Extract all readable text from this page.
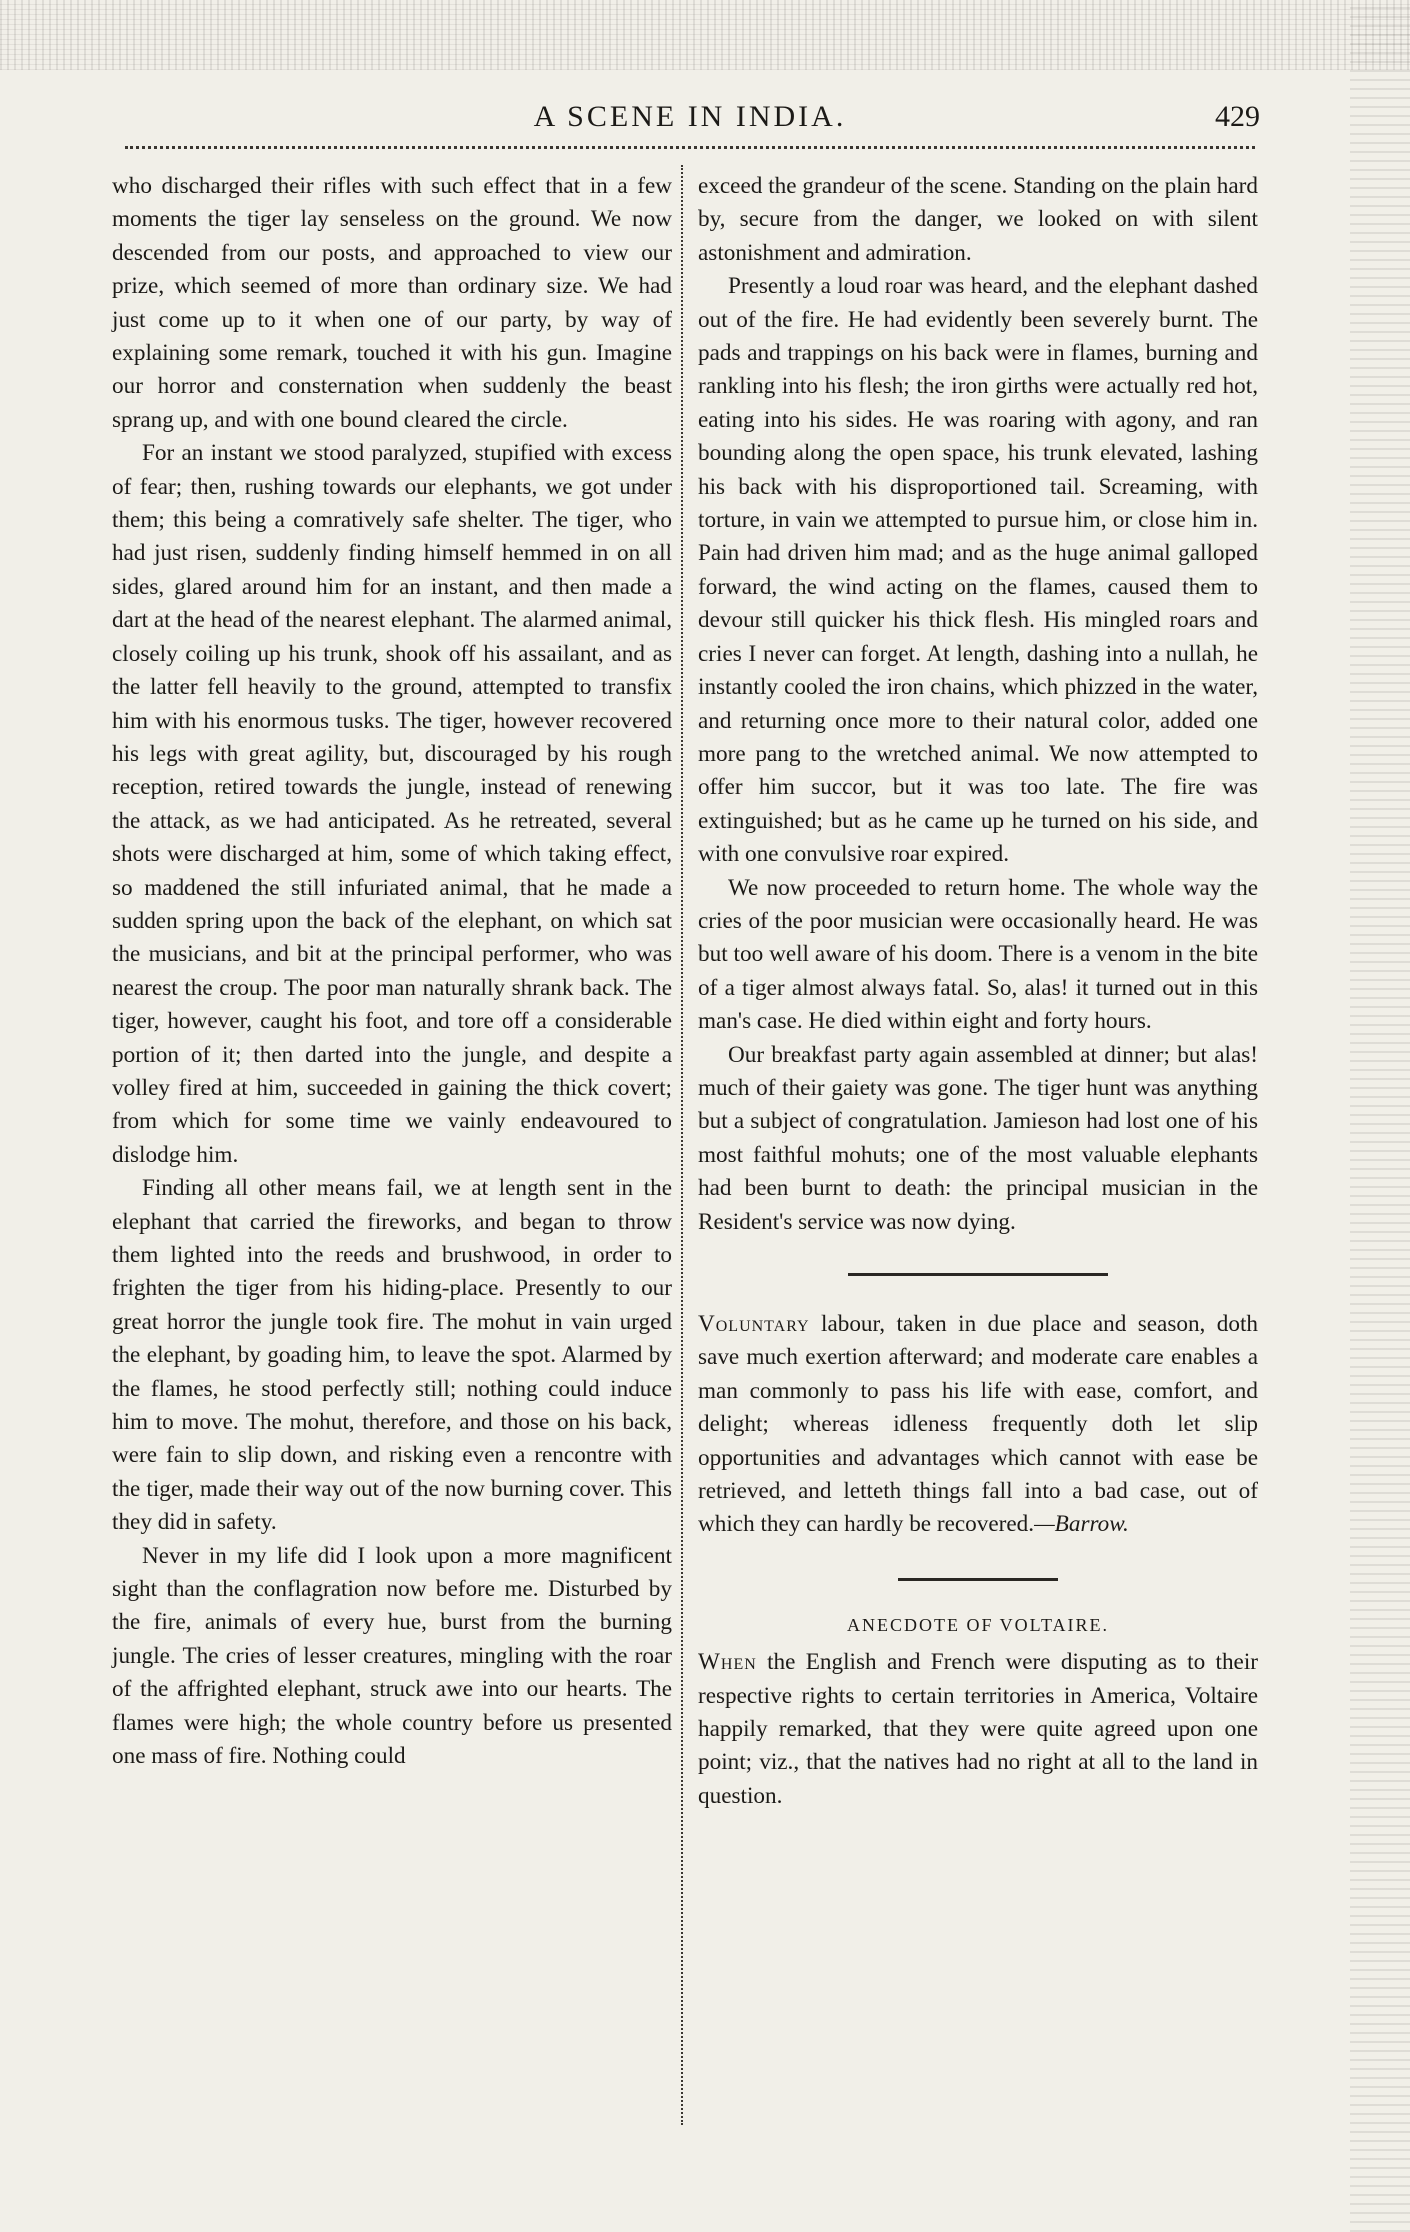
A SCENE IN INDIA.	429

who discharged their rifles with such effect that in a few moments the tiger lay senseless on the ground. We now descended from our posts, and approached to view our prize, which seemed of more than ordinary size. We had just come up to it when one of our party, by way of explaining some remark, touched it with his gun. Imagine our horror and consternation when suddenly the beast sprang up, and with one bound cleared the circle.

For an instant we stood paralyzed, stupified with excess of fear; then, rushing towards our elephants, we got under them; this being a comratively safe shelter. The tiger, who had just risen, suddenly finding himself hemmed in on all sides, glared around him for an instant, and then made a dart at the head of the nearest elephant. The alarmed animal, closely coiling up his trunk, shook off his assailant, and as the latter fell heavily to the ground, attempted to transfix him with his enormous tusks. The tiger, however recovered his legs with great agility, but, discouraged by his rough reception, retired towards the jungle, instead of renewing the attack, as we had anticipated. As he retreated, several shots were discharged at him, some of which taking effect, so maddened the still infuriated animal, that he made a sudden spring upon the back of the elephant, on which sat the musicians, and bit at the principal performer, who was nearest the croup. The poor man naturally shrank back. The tiger, however, caught his foot, and tore off a considerable portion of it; then darted into the jungle, and despite a volley fired at him, succeeded in gaining the thick covert; from which for some time we vainly endeavoured to dislodge him.

Finding all other means fail, we at length sent in the elephant that carried the fireworks, and began to throw them lighted into the reeds and brushwood, in order to frighten the tiger from his hiding-place. Presently to our great horror the jungle took fire. The mohut in vain urged the elephant, by goading him, to leave the spot. Alarmed by the flames, he stood perfectly still; nothing could induce him to move. The mohut, therefore, and those on his back, were fain to slip down, and risking even a rencontre with the tiger, made their way out of the now burning cover. This they did in safety.

Never in my life did I look upon a more magnificent sight than the conflagration now before me. Disturbed by the fire, animals of every hue, burst from the burning jungle. The cries of lesser creatures, mingling with the roar of the affrighted elephant, struck awe into our hearts. The flames were high; the whole country before us presented one mass of fire. Nothing could

exceed the grandeur of the scene. Standing on the plain hard by, secure from the danger, we looked on with silent astonishment and admiration.

Presently a loud roar was heard, and the elephant dashed out of the fire. He had evidently been severely burnt. The pads and trappings on his back were in flames, burning and rankling into his flesh; the iron girths were actually red hot, eating into his sides. He was roaring with agony, and ran bounding along the open space, his trunk elevated, lashing his back with his disproportioned tail. Screaming, with torture, in vain we attempted to pursue him, or close him in. Pain had driven him mad; and as the huge animal galloped forward, the wind acting on the flames, caused them to devour still quicker his thick flesh. His mingled roars and cries I never can forget. At length, dashing into a nullah, he instantly cooled the iron chains, which phizzed in the water, and returning once more to their natural color, added one more pang to the wretched animal. We now attempted to offer him succor, but it was too late. The fire was extinguished; but as he came up he turned on his side, and with one convulsive roar expired.

We now proceeded to return home. The whole way the cries of the poor musician were occasionally heard. He was but too well aware of his doom. There is a venom in the bite of a tiger almost always fatal. So, alas! it turned out in this man's case. He died within eight and forty hours.

Our breakfast party again assembled at dinner; but alas! much of their gaiety was gone. The tiger hunt was anything but a subject of congratulation. Jamieson had lost one of his most faithful mohuts; one of the most valuable elephants had been burnt to death: the principal musician in the Resident's service was now dying.

Voluntary labour, taken in due place and season, doth save much exertion afterward; and moderate care enables a man commonly to pass his life with ease, comfort, and delight; whereas idleness frequently doth let slip opportunities and advantages which cannot with ease be retrieved, and letteth things fall into a bad case, out of which they can hardly be recovered.—Barrow.

ANECDOTE OF VOLTAIRE.

When the English and French were disputing as to their respective rights to certain territories in America, Voltaire happily remarked, that they were quite agreed upon one point; viz., that the natives had no right at all to the land in question.
